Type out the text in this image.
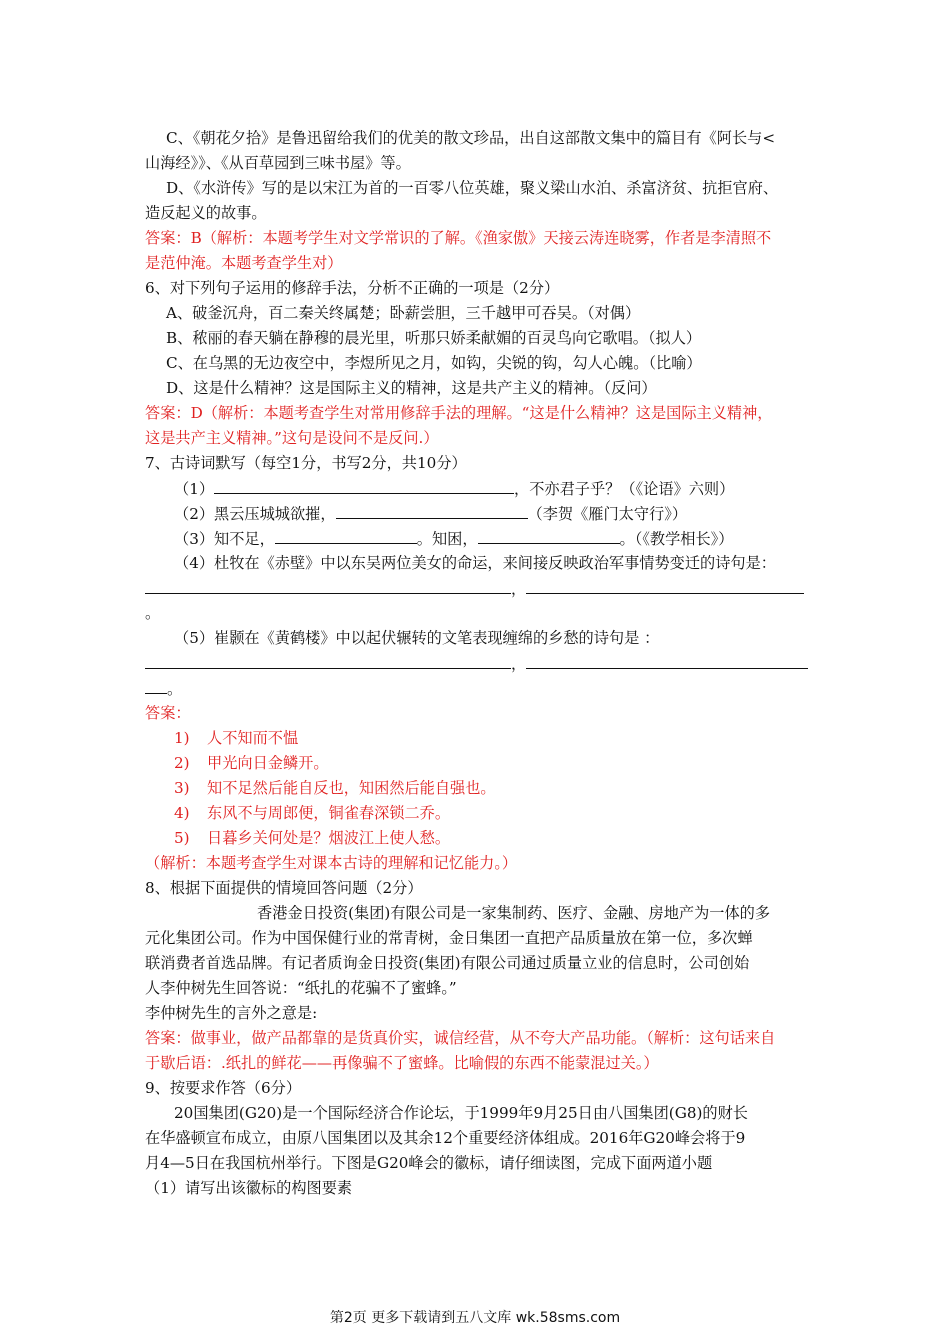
C、《朝花夕拾》是鲁迅留给我们的优美的散文珍品，出自这部散文集中的篇目有《阿长与<
山海经》》、《从百草园到三味书屋》等。
D、《水浒传》写的是以宋江为首的一百零八位英雄，聚义梁山水泊、杀富济贫、抗拒官府、
造反起义的故事。
答案：B（解析：本题考学生对文学常识的了解。《渔家傲》天接云涛连晓雾，作者是李清照不
是范仲淹。本题考查学生对）
6、对下列句子运用的修辞手法，分析不正确的一项是（2分）
A、破釜沉舟，百二秦关终属楚；卧薪尝胆，三千越甲可吞吴。（对偶）
B、秾丽的春天躺在静穆的晨光里，听那只娇柔献媚的百灵鸟向它歌唱。（拟人）
C、在乌黑的无边夜空中，李煜所见之月，如钩，尖锐的钩，勾人心魄。（比喻）
D、这是什么精神？这是国际主义的精神，这是共产主义的精神。（反问）
答案：D（解析：本题考查学生对常用修辞手法的理解。“这是什么精神？这是国际主义精神，
这是共产主义精神。”这句是设问不是反问.）
7、古诗词默写（每空1分，书写2分，共10分）
（1）	，不亦君子乎？（《论语》六则）
（2）黑云压城城欲摧，	（李贺《雁门太守行》）
（3）知不足，	。知困，	。（《教学相长》）
（4）杜牧在《赤壁》中以东吴两位美女的命运，来间接反映政治军事情势变迁的诗句是：
，
。
（5）崔颢在《黄鹤楼》中以起伏辗转的文笔表现缠绵的乡愁的诗句是 ：
，
。
答案：
1) 人不知而不愠
2) 甲光向日金鳞开。
3) 知不足然后能自反也，知困然后能自强也。
4) 东风不与周郎便，铜雀春深锁二乔。
5) 日暮乡关何处是？烟波江上使人愁。
（解析：本题考查学生对课本古诗的理解和记忆能力。）
8、根据下面提供的情境回答问题（2分）
香港金日投资(集团)有限公司是一家集制药、医疗、金融、房地产为一体的多
元化集团公司。作为中国保健行业的常青树，金日集团一直把产品质量放在第一位，多次蝉
联消费者首选品牌。有记者质询金日投资(集团)有限公司通过质量立业的信息时，公司创始
人李仲树先生回答说：“纸扎的花骗不了蜜蜂。”
李仲树先生的言外之意是:
答案：做事业，做产品都靠的是货真价实，诚信经营，从不夸大产品功能。（解析：这句话来自
于歇后语：.纸扎的鲜花——再像骗不了蜜蜂。比喻假的东西不能蒙混过关。）
9、按要求作答（6分）
20国集团(G20)是一个国际经济合作论坛，于1999年9月25日由八国集团(G8)的财长
在华盛顿宣布成立，由原八国集团以及其余12个重要经济体组成。2016年G20峰会将于9
月4—5日在我国杭州举行。下图是G20峰会的徽标，请仔细读图，完成下面两道小题
（1）请写出该徽标的构图要素
第2页 更多下载请到五八文库 wk.58sms.com
